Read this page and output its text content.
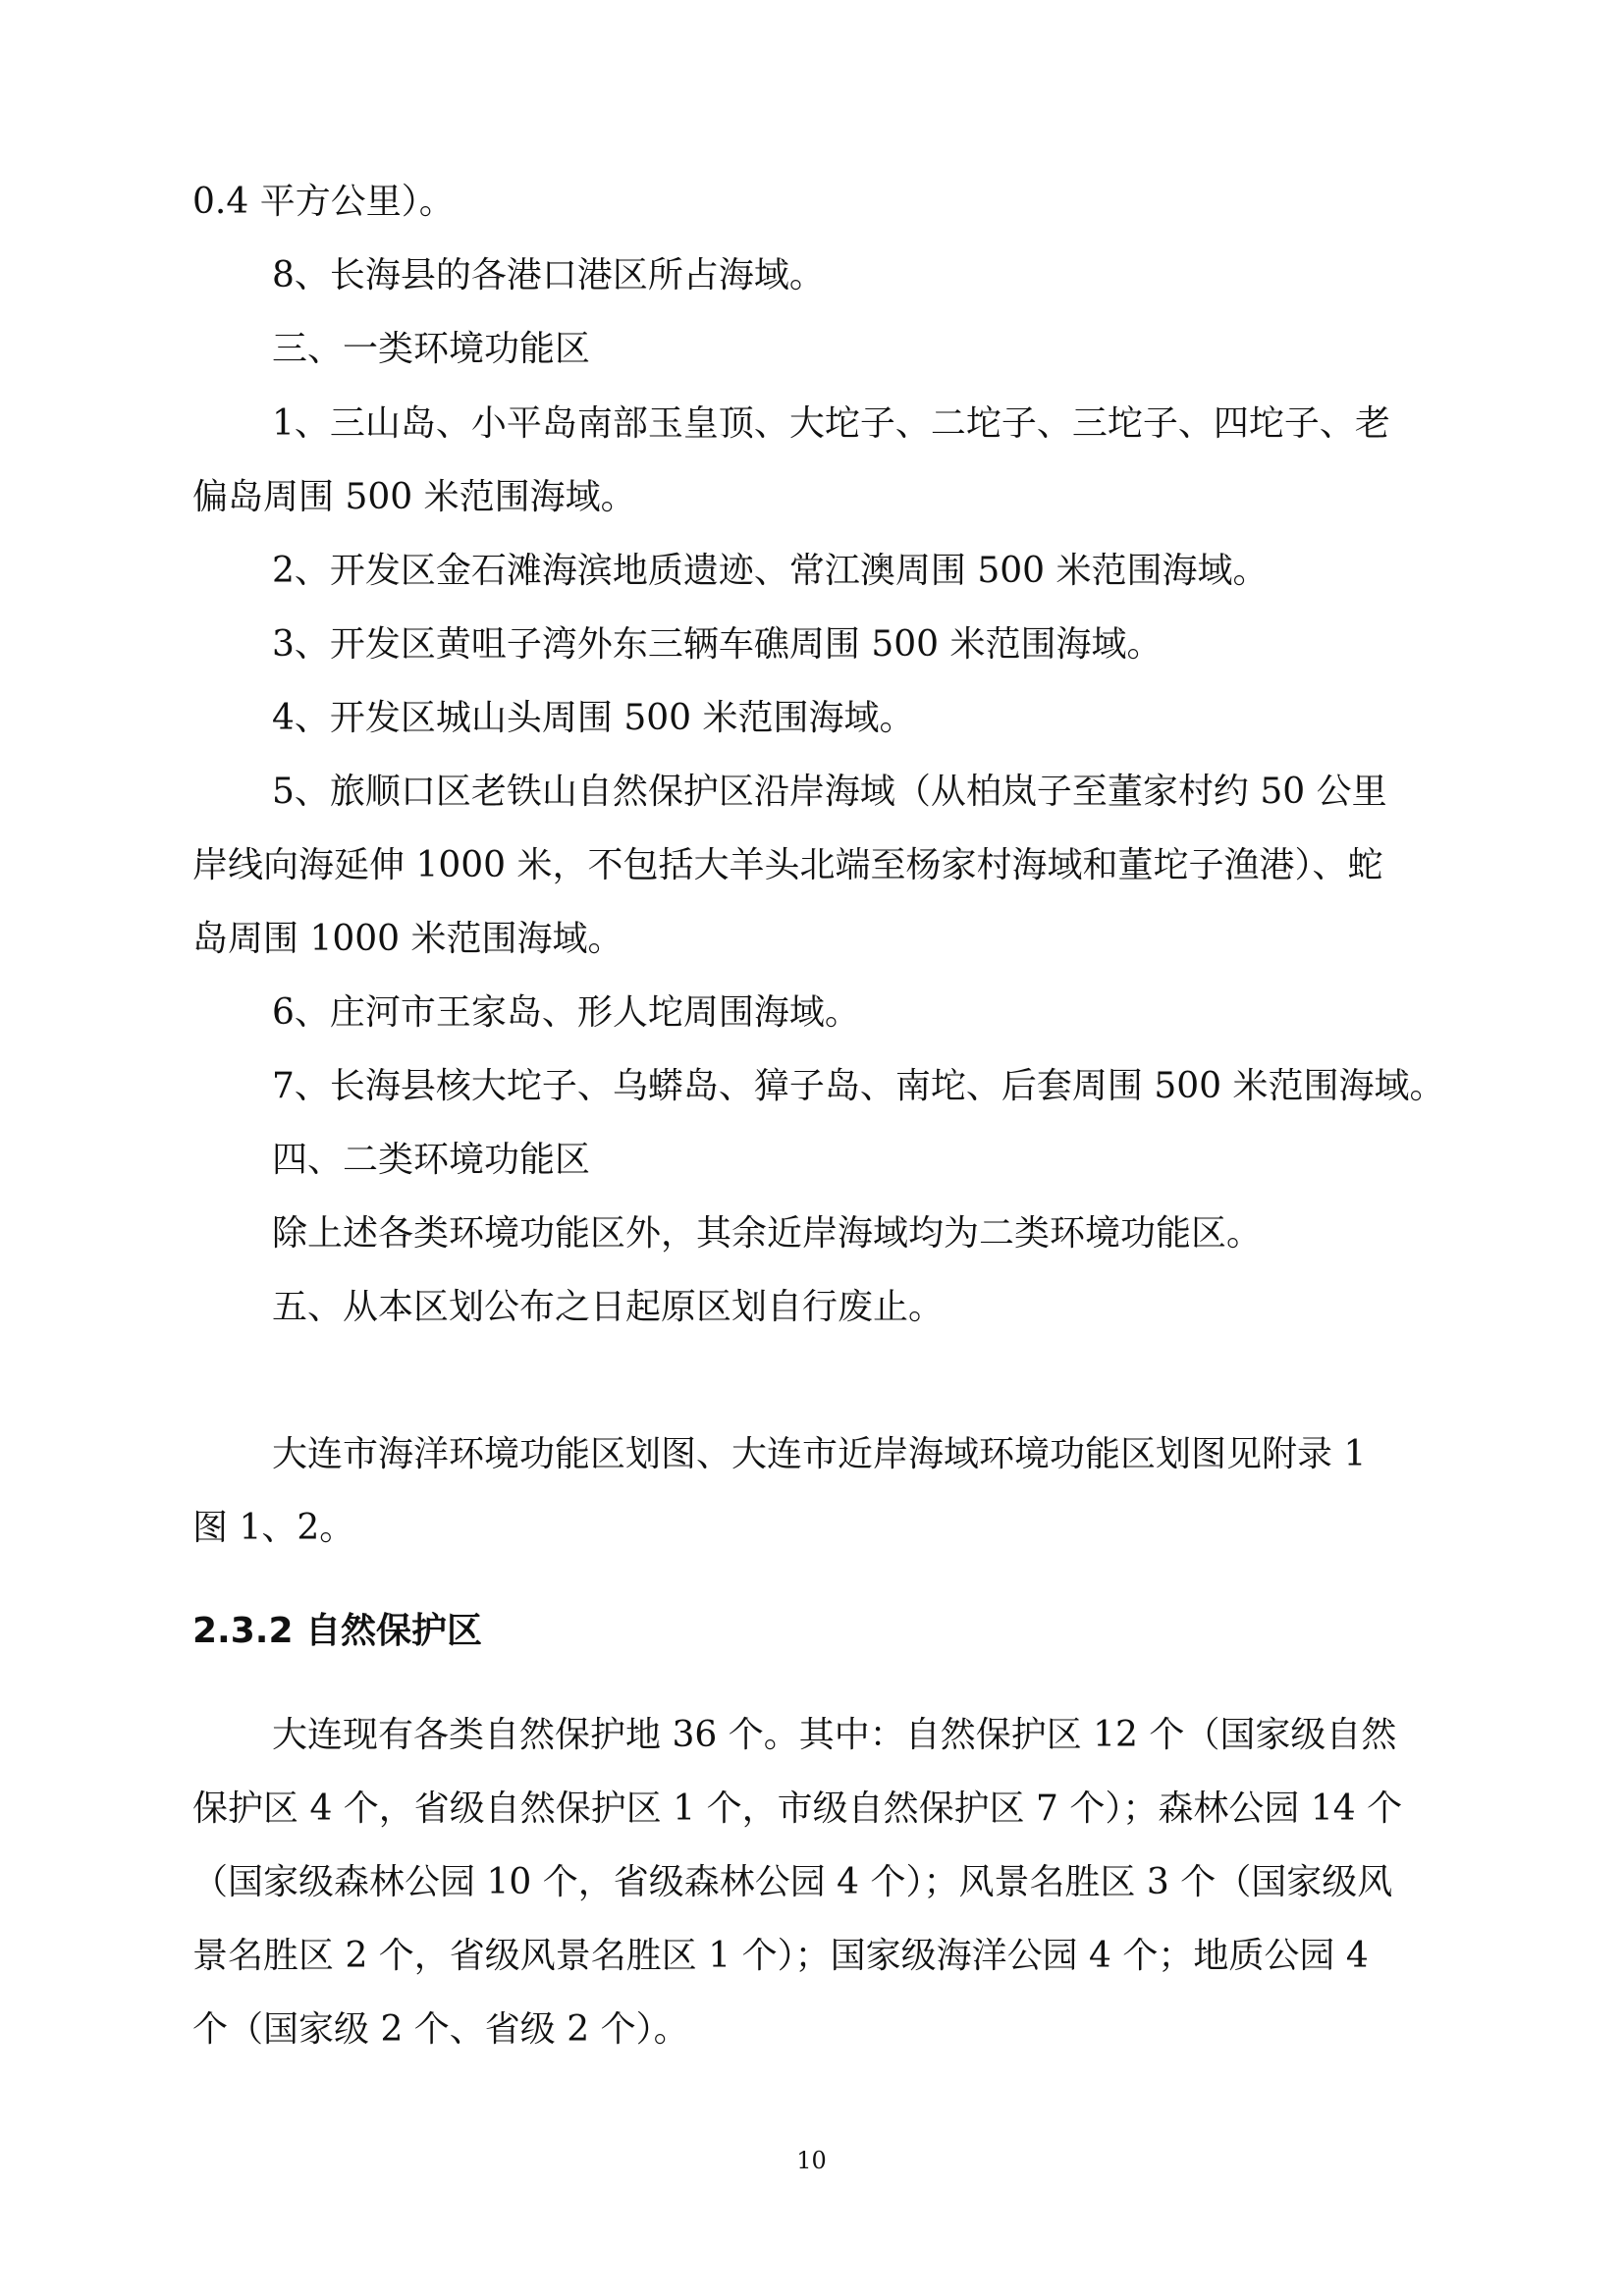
0.4 平方公里）。
8、长海县的各港口港区所占海域。
三、一类环境功能区
1、三山岛、小平岛南部玉皇顶、大坨子、二坨子、三坨子、四坨子、老
偏岛周围 500 米范围海域。
2、开发区金石滩海滨地质遗迹、常江澳周围 500 米范围海域。
3、开发区黄咀子湾外东三辆车礁周围 500 米范围海域。
4、开发区城山头周围 500 米范围海域。
5、旅顺口区老铁山自然保护区沿岸海域（从柏岚子至董家村约 50 公里
岸线向海延伸 1000 米，不包括大羊头北端至杨家村海域和董坨子渔港）、蛇
岛周围 1000 米范围海域。
6、庄河市王家岛、形人坨周围海域。
7、长海县核大坨子、乌蟒岛、獐子岛、南坨、后套周围 500 米范围海域。
四、二类环境功能区
除上述各类环境功能区外，其余近岸海域均为二类环境功能区。
五、从本区划公布之日起原区划自行废止。
大连市海洋环境功能区划图、大连市近岸海域环境功能区划图见附录 1
图 1、2。
2.3.2 自然保护区
大连现有各类自然保护地 36 个。其中：自然保护区 12 个（国家级自然
保护区 4 个，省级自然保护区 1 个，市级自然保护区 7 个）；森林公园 14 个
（国家级森林公园 10 个，省级森林公园 4 个）；风景名胜区 3 个（国家级风
景名胜区 2 个，省级风景名胜区 1 个）；国家级海洋公园 4 个；地质公园 4
个（国家级 2 个、省级 2 个）。
10
